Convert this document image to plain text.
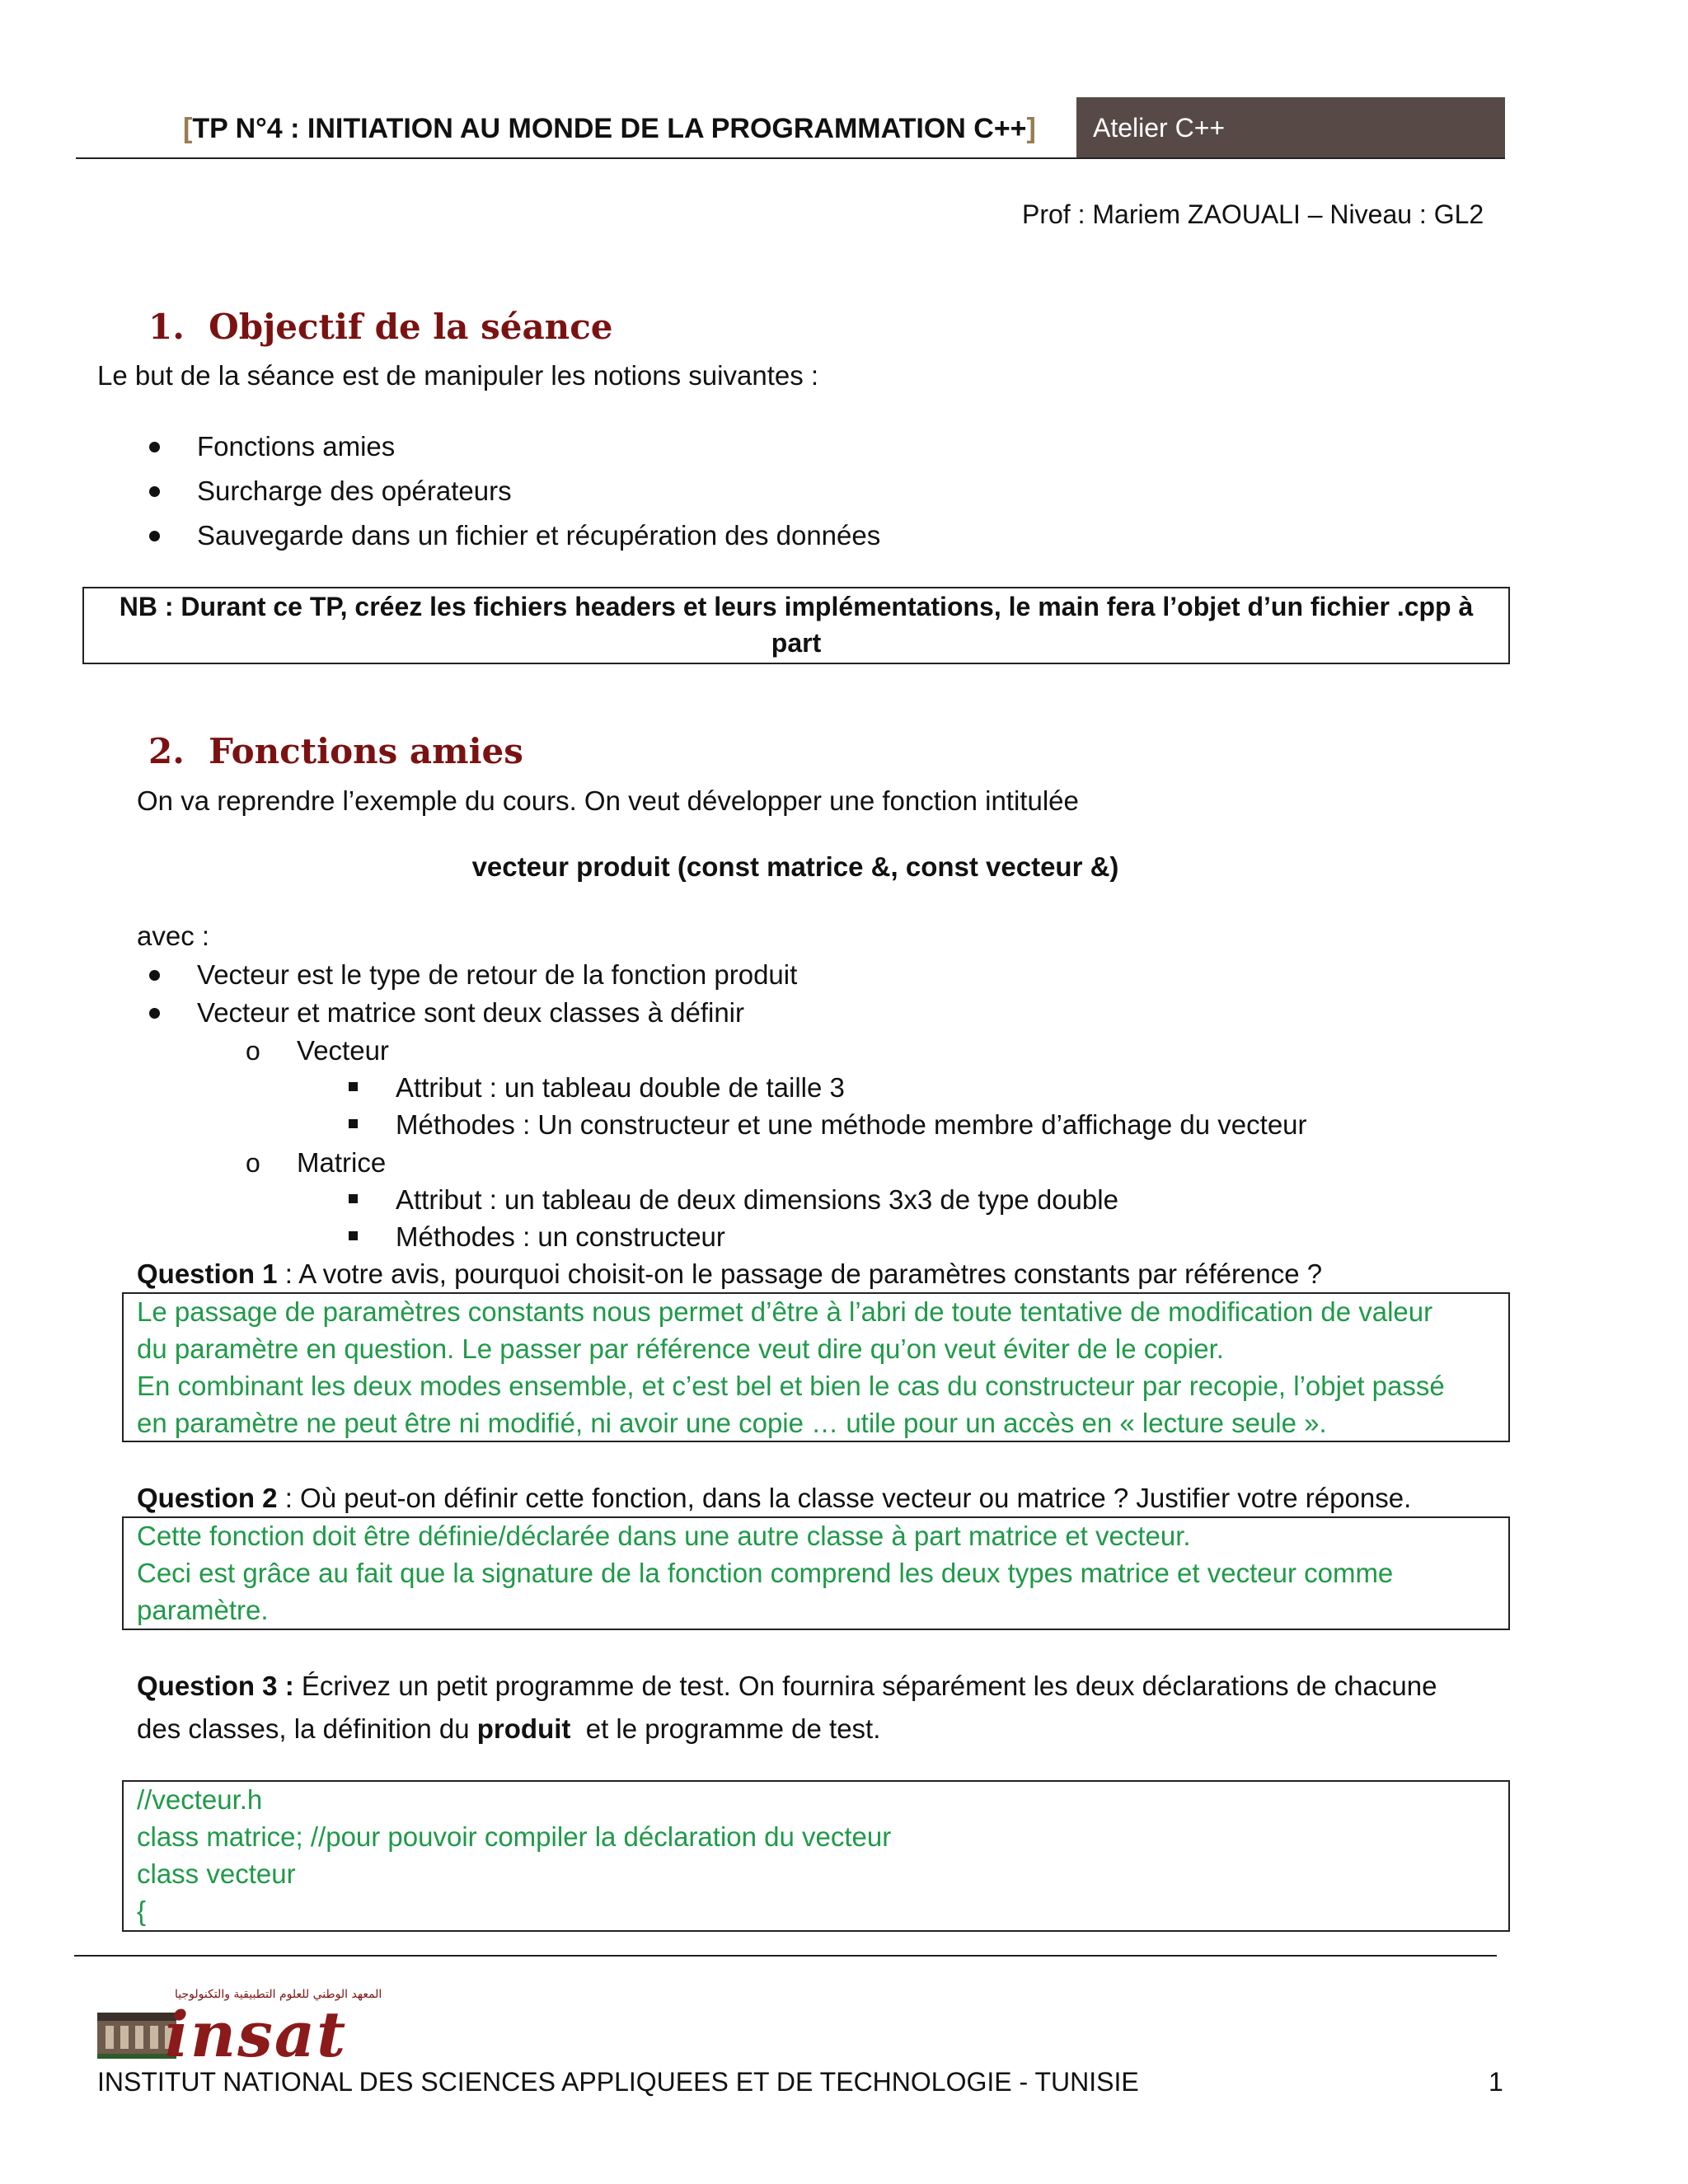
[TP N°4 : INITIATION AU MONDE DE LA PROGRAMMATION C++] Atelier C++
Prof : Mariem ZAOUALI – Niveau : GL2
1. Objectif de la séance
Le but de la séance est de manipuler les notions suivantes :
Fonctions amies
Surcharge des opérateurs
Sauvegarde dans un fichier et récupération des données
NB : Durant ce TP, créez les fichiers headers et leurs implémentations, le main fera l’objet d’un fichier .cpp à
part
2. Fonctions amies
On va reprendre l’exemple du cours. On veut développer une fonction intitulée
vecteur produit (const matrice &, const vecteur &)
avec :
Vecteur est le type de retour de la fonction produit
Vecteur et matrice sont deux classes à définir
o Vecteur
Attribut : un tableau double de taille 3
Méthodes : Un constructeur et une méthode membre d’affichage du vecteur
o Matrice
Attribut : un tableau de deux dimensions 3x3 de type double
Méthodes : un constructeur
Question 1 : A votre avis, pourquoi choisit-on le passage de paramètres constants par référence ?
Le passage de paramètres constants nous permet d’être à l’abri de toute tentative de modification de valeur
du paramètre en question. Le passer par référence veut dire qu’on veut éviter de le copier.
En combinant les deux modes ensemble, et c’est bel et bien le cas du constructeur par recopie, l’objet passé
en paramètre ne peut être ni modifié, ni avoir une copie … utile pour un accès en « lecture seule ».
Question 2 : Où peut-on définir cette fonction, dans la classe vecteur ou matrice ? Justifier votre réponse.
Cette fonction doit être définie/déclarée dans une autre classe à part matrice et vecteur.
Ceci est grâce au fait que la signature de la fonction comprend les deux types matrice et vecteur comme
paramètre.
Question 3 : Écrivez un petit programme de test. On fournira séparément les deux déclarations de chacune
des classes, la définition du produit  et le programme de test.
//vecteur.h
class matrice; //pour pouvoir compiler la déclaration du vecteur
class vecteur
{
المعهد الوطني للعلوم التطبيقية والتكنولوجيا
insat
INSTITUT NATIONAL DES SCIENCES APPLIQUEES ET DE TECHNOLOGIE - TUNISIE	1
